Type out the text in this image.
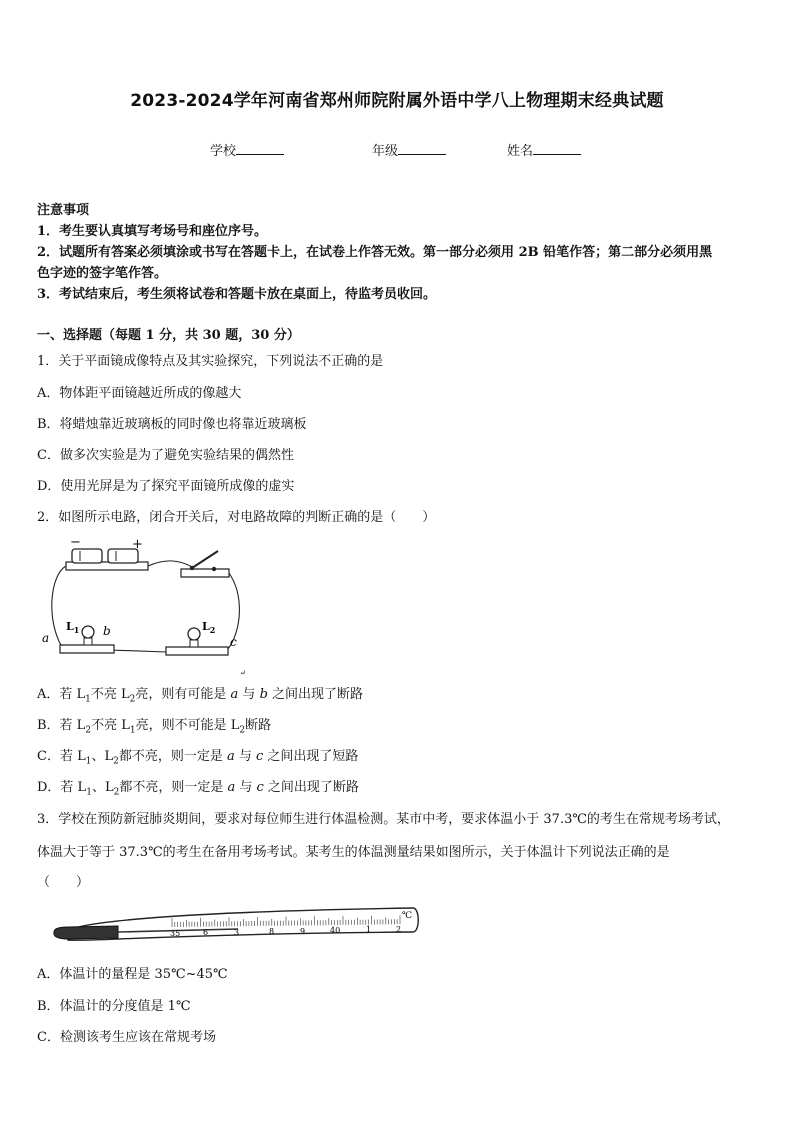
2023-2024学年河南省郑州师院附属外语中学八上物理期末经典试题
学校	年级	姓名
注意事项
1．考生要认真填写考场号和座位序号。
2．试题所有答案必须填涂或书写在答题卡上，在试卷上作答无效。第一部分必须用 2B 铅笔作答；第二部分必须用黑
色字迹的签字笔作答。
3．考试结束后，考生须将试卷和答题卡放在桌面上，待监考员收回。
一、选择题（每题 1 分，共 30 题，30 分）
1．关于平面镜成像特点及其实验探究，下列说法不正确的是
A．物体距平面镜越近所成的像越大
B．将蜡烛靠近玻璃板的同时像也将靠近玻璃板
C．做多次实验是为了避免实验结果的偶然性
D．使用光屏是为了探究平面镜所成像的虚实
2．如图所示电路，闭合开关后，对电路故障的判断正确的是（　　）
−	+
$L_1$	$L_2$
a	b
c
↵
A．若 $L_1$不亮 $L_2$亮，则有可能是 a 与 b 之间出现了断路
B．若 $L_2$不亮 $L_1$亮，则不可能是 $L_2$断路
C．若 $L_1$、$L_2$都不亮，则一定是 a 与 c 之间出现了短路
D．若 $L_1$、$L_2$都不亮，则一定是 a 与 c 之间出现了断路
3．学校在预防新冠肺炎期间，要求对每位师生进行体温检测。某市中考，要求体温小于 37.3℃的考生在常规考场考试，
体温大于等于 37.3℃的考生在备用考场考试。某考生的体温测量结果如图所示，关于体温计下列说法正确的是
（　　）
35	6	3	8	9	40	1	2
℃
A．体温计的量程是 35℃~45℃
B．体温计的分度值是 1℃
C．检测该考生应该在常规考场
